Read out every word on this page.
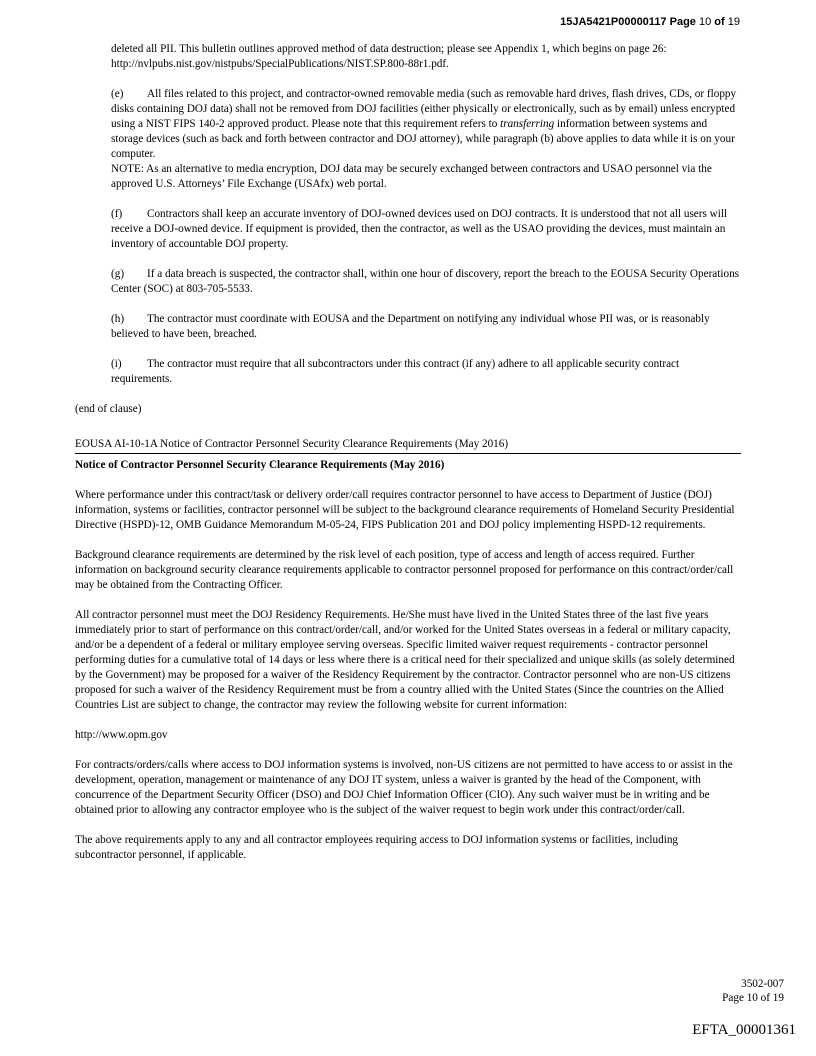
15JA5421P00000117 Page 10 of 19

deleted all PII. This bulletin outlines approved method of data destruction; please see Appendix 1, which begins on page 26: http://nvlpubs.nist.gov/nistpubs/SpecialPublications/NIST.SP.800-88r1.pdf.

(e) All files related to this project, and contractor-owned removable media (such as removable hard drives, flash drives, CDs, or floppy disks containing DOJ data) shall not be removed from DOJ facilities (either physically or electronically, such as by email) unless encrypted using a NIST FIPS 140-2 approved product. Please note that this requirement refers to transferring information between systems and storage devices (such as back and forth between contractor and DOJ attorney), while paragraph (b) above applies to data while it is on your computer.

NOTE: As an alternative to media encryption, DOJ data may be securely exchanged between contractors and USAO personnel via the approved U.S. Attorneys’ File Exchange (USAfx) web portal.

(f) Contractors shall keep an accurate inventory of DOJ-owned devices used on DOJ contracts. It is understood that not all users will receive a DOJ-owned device. If equipment is provided, then the contractor, as well as the USAO providing the devices, must maintain an inventory of accountable DOJ property.

(g) If a data breach is suspected, the contractor shall, within one hour of discovery, report the breach to the EOUSA Security Operations Center (SOC) at 803-705-5533.

(h) The contractor must coordinate with EOUSA and the Department on notifying any individual whose PII was, or is reasonably believed to have been, breached.

(i) The contractor must require that all subcontractors under this contract (if any) adhere to all applicable security contract requirements.

(end of clause)

EOUSA AI-10-1A Notice of Contractor Personnel Security Clearance Requirements (May 2016)
Notice of Contractor Personnel Security Clearance Requirements (May 2016)

Where performance under this contract/task or delivery order/call requires contractor personnel to have access to Department of Justice (DOJ) information, systems or facilities, contractor personnel will be subject to the background clearance requirements of Homeland Security Presidential Directive (HSPD)-12, OMB Guidance Memorandum M-05-24, FIPS Publication 201 and DOJ policy implementing HSPD-12 requirements.

Background clearance requirements are determined by the risk level of each position, type of access and length of access required. Further information on background security clearance requirements applicable to contractor personnel proposed for performance on this contract/order/call may be obtained from the Contracting Officer.

All contractor personnel must meet the DOJ Residency Requirements. He/She must have lived in the United States three of the last five years immediately prior to start of performance on this contract/order/call, and/or worked for the United States overseas in a federal or military capacity, and/or be a dependent of a federal or military employee serving overseas. Specific limited waiver request requirements - contractor personnel performing duties for a cumulative total of 14 days or less where there is a critical need for their specialized and unique skills (as solely determined by the Government) may be proposed for a waiver of the Residency Requirement by the contractor. Contractor personnel who are non-US citizens proposed for such a waiver of the Residency Requirement must be from a country allied with the United States (Since the countries on the Allied Countries List are subject to change, the contractor may review the following website for current information:

http://www.opm.gov

For contracts/orders/calls where access to DOJ information systems is involved, non-US citizens are not permitted to have access to or assist in the development, operation, management or maintenance of any DOJ IT system, unless a waiver is granted by the head of the Component, with concurrence of the Department Security Officer (DSO) and DOJ Chief Information Officer (CIO). Any such waiver must be in writing and be obtained prior to allowing any contractor employee who is the subject of the waiver request to begin work under this contract/order/call.

The above requirements apply to any and all contractor employees requiring access to DOJ information systems or facilities, including subcontractor personnel, if applicable.

3502-007
Page 10 of 19
EFTA_00001361
